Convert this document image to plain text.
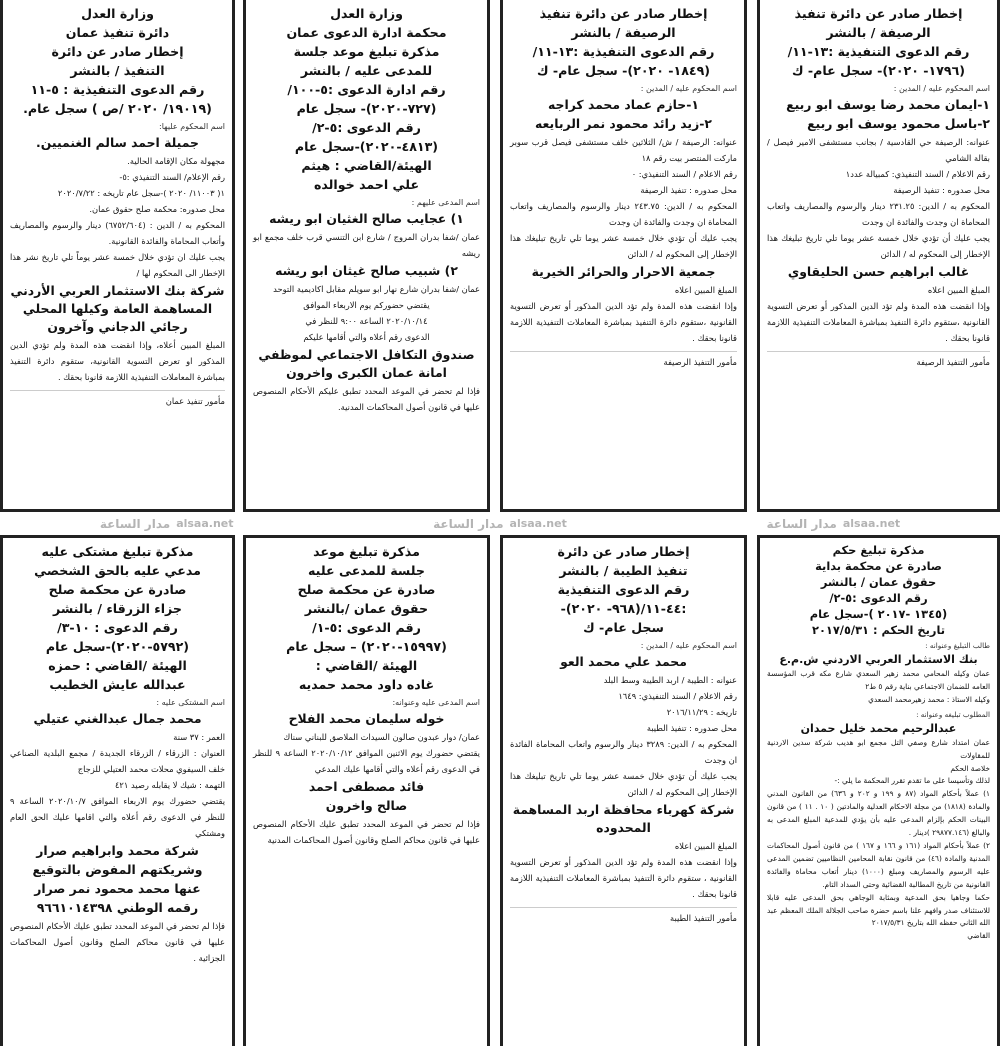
إخطار صادر عن دائرة تنفيذ

الرصيفة / بالنشر

رقم الدعوى التنفيذية :١٣-١١/

(١٧٩٦- ٢٠٢٠)- سجل عام- ك

اسم المحكوم عليه / المدين :

١-ايمان محمد رضا يوسف ابو ربيع

٢-باسل محمود يوسف ابو ربيع

عنوانه: الرصيفة حي القادسية / بجانب مستشفى الامير فيصل /بقالة الشامي

رقم الاعلام / السند التنفيذي: كمبيالة عدد١

محل صدوره : تنفيذ الرصيفة

المحكوم به / الدين: ٢٣١.٢٥ دينار والرسوم والمصاريف واتعاب المحاماة ان وجدت والفائدة ان وجدت

يجب عليك أن تؤدي خلال خمسة عشر يوما تلي تاريخ تبليغك هذا الإخطار إلى المحكوم له / الدائن

غالب ابراهيم حسن الحليقاوي

المبلغ المبين اعلاه

وإذا انقضت هذه المدة ولم تؤد الدين المذكور أو تعرض التسوية القانونية ،ستقوم دائرة التنفيذ بمباشرة المعاملات التنفيذية اللازمة قانونا بحقك .

مأمور التنفيذ الرصيفة

إخطار صادر عن دائرة تنفيذ

الرصيفة / بالنشر

رقم الدعوى التنفيذية :١٣-١١/

(١٨٤٩- ٢٠٢٠)- سجل عام- ك

اسم المحكوم عليه / المدين :

١-حازم عماد محمد كراجه

٢-زيد رائد محمود نمر الربايعه

عنوانه: الرصيفة / ش/ الثلاثين خلف مستشفى فيصل قرب سوبر ماركت المنتصر بيت رقم ١٨

رقم الاعلام / السند التنفيذي: ٠

محل صدوره : تنفيذ الرصيفة

المحكوم به / الدين: ٢٤٣.٧٥ دينار والرسوم والمصاريف واتعاب المحاماة ان وجدت والفائدة ان وجدت

يجب عليك أن تؤدي خلال خمسة عشر يوما تلي تاريخ تبليغك هذا الإخطار إلى المحكوم له / الدائن

جمعية الاحرار والحرائر الخيرية

المبلغ المبين اعلاه

وإذا انقضت هذه المدة ولم تؤد الدين المذكور أو تعرض التسوية القانونية ،ستقوم دائرة التنفيذ بمباشرة المعاملات التنفيذية اللازمة قانونا بحقك .

مأمور التنفيذ الرصيفة

وزارة العدل

محكمة ادارة الدعوى عمان

مذكرة تبليغ موعد جلسة

للمدعى عليه / بالنشر

رقم ادارة الدعوى :٥-١٠٠/

(٧٢٧-٢٠٢٠)- سجل عام

رقم الدعوى :٥-٢/

(٤٨١٣-٢٠٢٠)-سجل عام

الهيئة/القاضي : هيثم

علي احمد خوالده

اسم المدعى عليهم :

١) عجايب صالح الغثيان ابو ريشه

عمان /شفا بدران المروج / شارع ابن التنسي قرب خلف مجمع ابو ريشه

٢) شبيب صالح غيثان ابو ريشه

عمان /شفا بدران شارع نهار ابو سويلم مقابل اكاديمية التوحد

يقتضي حضوركم يوم الاربعاء الموافق

٢٠٢٠/١٠/١٤ الساعة ٩:٠٠ للنظر في

الدعوى رقم أعلاه والتي أقامها عليكم

صندوق التكافل الاجتماعي لموظفي امانة عمان الكبرى واخرون

فإذا لم تحضر في الموعد المحدد تطبق عليكم الأحكام المنصوص عليها في قانون أصول المحاكمات المدنية.

وزارة العدل

دائرة تنفيذ عمان

إخطار صادر عن دائرة

التنفيذ / بالنشر

رقم الدعوى التنفيذية : ٥-١١

(١٩٠١٩/ ٢٠٢٠ /ص ) سجل عام.

اسم المحكوم عليها:

جميلة احمد سالم الغنميين.

مجهولة مكان الإقامة الحالية.

رقم الإعلام/ السند التنفيذي :٥-

١( ١١٠٠٣/ ٢٠٢٠ )-سجل عام تاريخه : ٢٠٢٠/٧/٢٢

محل صدوره: محكمة صلح حقوق عمان.

المحكوم به / الدين : (٦٧٥٢/٦٠٤) دينار والرسوم والمصاريف وأتعاب المحاماة والفائدة القانونية.

يجب عليك ان تؤدي خلال خمسة عشر يوماً تلي تاريخ نشر هذا الإخطار الى المحكوم لها /

شركة بنك الاستثمار العربي الأردني المساهمة العامة وكيلها المحلي رجائي الدجاني وآخرون

المبلغ المبين أعلاه، وإذا انقضت هذه المدة ولم تؤدي الدين المذكور او تعرض التسوية القانونية، ستقوم دائرة التنفيذ بمباشرة المعاملات التنفيذية اللازمة قانونا بحقك .

مأمور تنفيذ عمان

مدار الساعة alsaa.net	مدار الساعة alsaa.net	مدار الساعة alsaa.net

مذكرة تبليغ حكم

صادرة عن محكمة بداية

حقوق عمان / بالنشر

رقم الدعوى :٥-٢/

(١٣٤٥ -٢٠١٧ )-سجل عام

تاريخ الحكم : ٢٠١٧/٥/٣١

طالب التبليغ وعنوانه :

بنك الاستثمار العربي الاردني ش.م.ع

عمان وكيله المحامي محمد زهير السعدي شارع مكه قرب المؤسسة العامه للضمان الاجتماعي بناية رقم ٥ ط٢

وكيله الاستاذ : محمد زهيرمحمد السعدي

المطلوب تبليغه وعنوانه :

عبدالرحيم محمد خليل حمدان

عمان امتداد شارع وصفي التل مجمع ابو هديب شركة سدين الاردنية للمقاولات

خلاصة الحكم

لذلك وتأسيسا على ما تقدم تقرر المحكمة ما يلي :-

١) عملاً بأحكام المواد (٨٧ و ١٩٩ و ٢٠٢ و ٦٣٦) من القانون المدني والمادة (١٨١٨) من مجلة الاحكام العدلية والمادتين ( ١٠ . ١١ ) من قانون البينات الحكم بإلزام المدعى عليه بأن يؤدي للمدعية المبلغ المدعى به والبالغ (٢٩٨٧٧.١٤٦ )دينار .

٢) عملاً بأحكام المواد (١٦١ و ١٦٦ و ١٦٧ ) من قانون أصول المحاكمات المدنية والمادة (٤٦) من قانون نقابة المحامين النظاميين تضمين المدعى عليه الرسوم والمصاريف ومبلغ (١٠٠٠) دينار أتعاب محاماة والفائدة القانونية من تاريخ المطالبة القضائية وحتى السداد التام.

حكما وجاهيا بحق المدعية وبمثابة الوجاهي بحق المدعى عليه قابلا للاستئناف صدر وافهم علنا باسم حضرة صاحب الجلالة الملك المعظم عبد الله الثاني حفظه الله بتاريخ ٢٠١٧/٥/٣١

القاضي

إخطار صادر عن دائرة

تنفيذ الطيبة / بالنشر

رقم الدعوى التنفيذية

:٤٤-١١/(٩٦٨- ٢٠٢٠)-

سجل عام- ك

اسم المحكوم عليه / المدين :

محمد علي محمد العو

عنوانه : الطيبة / اربد الطيبة وسط البلد

رقم الاعلام / السند التنفيذي: ١٦٤٩

تاريخه : ٢٠١٦/١١/٢٩

محل صدوره : تنفيذ الطيبة

المحكوم به / الدين: ٣٢٨٩ دينار والرسوم واتعاب المحاماة الفائدة ان وجدت

يجب عليك أن تؤدي خلال خمسة عشر يوما تلي تاريخ تبليغك هذا الإخطار إلى المحكوم له / الدائن

شركة كهرباء محافظة اربد المساهمة المحدوده

المبلغ المبين اعلاه

وإذا انقضت هذه المدة ولم تؤد الدين المذكور أو تعرض التسوية القانونية ، ستقوم دائرة التنفيذ بمباشرة المعاملات التنفيذية اللازمة قانونا بحقك .

مأمور التنفيذ الطيبة

مذكرة تبليغ موعد

جلسة للمدعى عليه

صادرة عن محكمة صلح

حقوق عمان /بالنشر

رقم الدعوى :٥-١/

(١٥٩٩٧-٢٠٢٠) – سجل عام

الهيئة /القاضي :

غاده داود محمد حمديه

اسم المدعى عليه وعنوانه:

خوله سليمان محمد الفلاح

عمان/ دوار عبدون صالون السيدات الملاصق للبناني سناك

يقتضي حضورك يوم الاثنين الموافق ٢٠٢٠/١٠/١٢ الساعة ٩ للنظر في الدعوى رقم أعلاه والتي أقامها عليك المدعي

فائد مصطفى احمد

صالح واخرون

فإذا لم تحضر في الموعد المحدد تطبق عليك الأحكام المنصوص عليها في قانون محاكم الصلح وقانون أصول المحاكمات المدنية

مذكرة تبليغ مشتكى عليه

مدعي عليه بالحق الشخصي

صادرة عن محكمة صلح

جزاء الزرقاء / بالنشر

رقم الدعوى : ١٠-٣/

(٥٧٩٢-٢٠٢٠)-سجل عام

الهيئة /القاضي : حمزه

عبدالله عايش الخطيب

اسم المشتكى عليه :

محمد جمال عبدالغني عتيلي

العمر : ٣٧ سنة

العنوان : الزرقاء / الزرقاء الجديدة / مجمع البلدية الصناعي خلف السيفوي محلات محمد العتيلي للزجاج

التهمة : شيك لا يقابله رصيد ٤٢١

يقتضي حضورك يوم الاربعاء الموافق ٢٠٢٠/١٠/٧ الساعة ٩ للنظر في الدعوى رقم أعلاه والتي اقامها عليك الحق العام ومشتكي

شركة محمد وابراهيم صرار

وشريكتهم المفوض بالتوقيع

عنها محمد محمود نمر صرار

رقمه الوطني ٩٦٦١٠١٤٣٩٨

فإذا لم تحضر في الموعد المحدد تطبق عليك الأحكام المنصوص عليها في قانون محاكم الصلح وقانون أصول المحاكمات الجزائية .
